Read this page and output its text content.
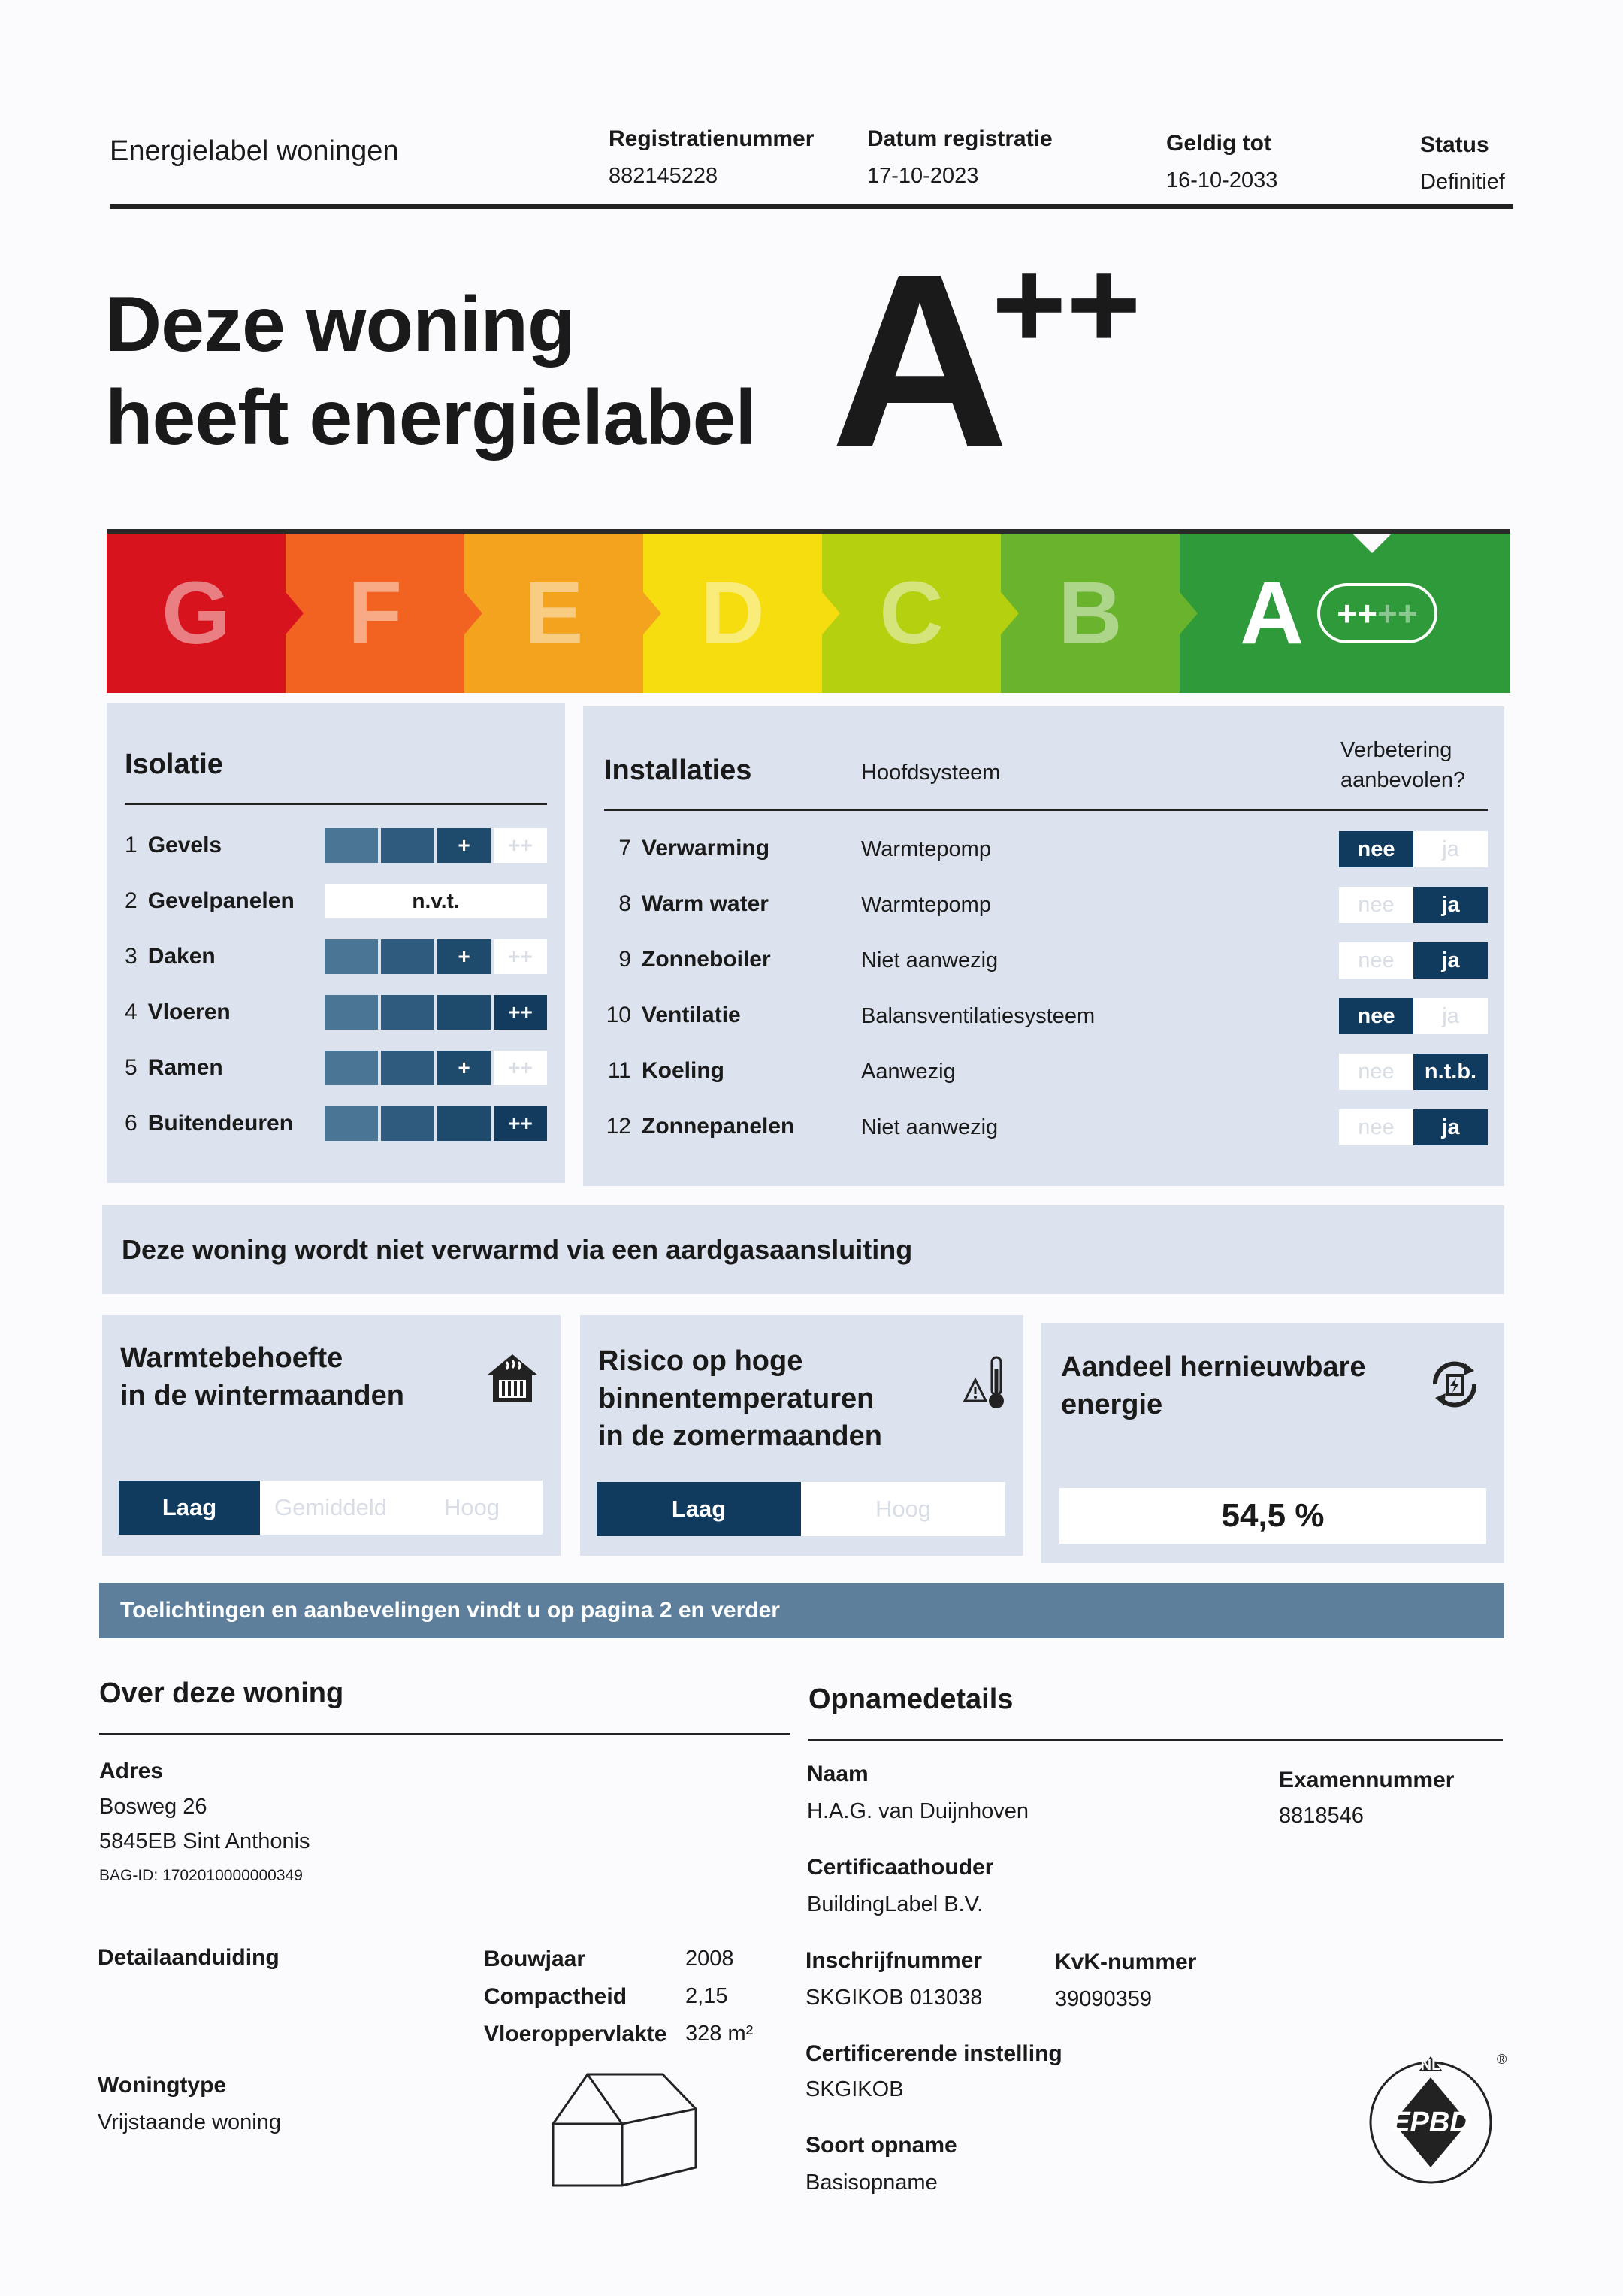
Energielabel woningen	Registratienummer
882145228
Datum registratie
17-10-2023
Geldig tot
16-10-2033
Status
Definitief
Deze woning
heeft energielabel A
++
G F E D C B A ++ ++
Isolatie
1 Gevels	+	++
2 Gevelpanelen	n.v.t.
3 Daken	+	++
4 Vloeren	++
5 Ramen	+	++
6 Buitendeuren	++
Installaties	Hoofdsysteem
Verbetering aanbevolen?
7 Verwarming	Warmtepomp	nee	ja
8 Warm water	Warmtepomp	nee	ja
9 Zonneboiler	Niet aanwezig	nee	ja
10 Ventilatie	Balansventilatiesysteem	nee	ja
11 Koeling	Aanwezig	nee	n.t.b.
12 Zonnepanelen	Niet aanwezig	nee	ja
Deze woning wordt niet verwarmd via een aardgasaansluiting
Warmtebehoefte
in de wintermaanden
Laag	Gemiddeld	Hoog
Risico op hoge
binnentemperaturen
in de zomermaanden
Laag	Hoog
Aandeel hernieuwbare
energie
54,5 %
Toelichtingen en aanbevelingen vindt u op pagina 2 en verder
Over deze woning
Adres
Bosweg 26
5845EB Sint Anthonis
BAG-ID: 1702010000000349
Detailaanduiding	Bouwjaar	2008
Compactheid	2,15
Vloeroppervlakte 328 m²
Woningtype
Vrijstaande woning
Opnamedetails
Naam
H.A.G. van Duijnhoven
Examennummer
8818546
Certificaathouder
BuildingLabel B.V.
Inschrijfnummer
SKGIKOB 013038
KvK-nummer
39090359
Certificerende instelling
SKGIKOB
Soort opname
Basisopname
NL
EPBD
®
